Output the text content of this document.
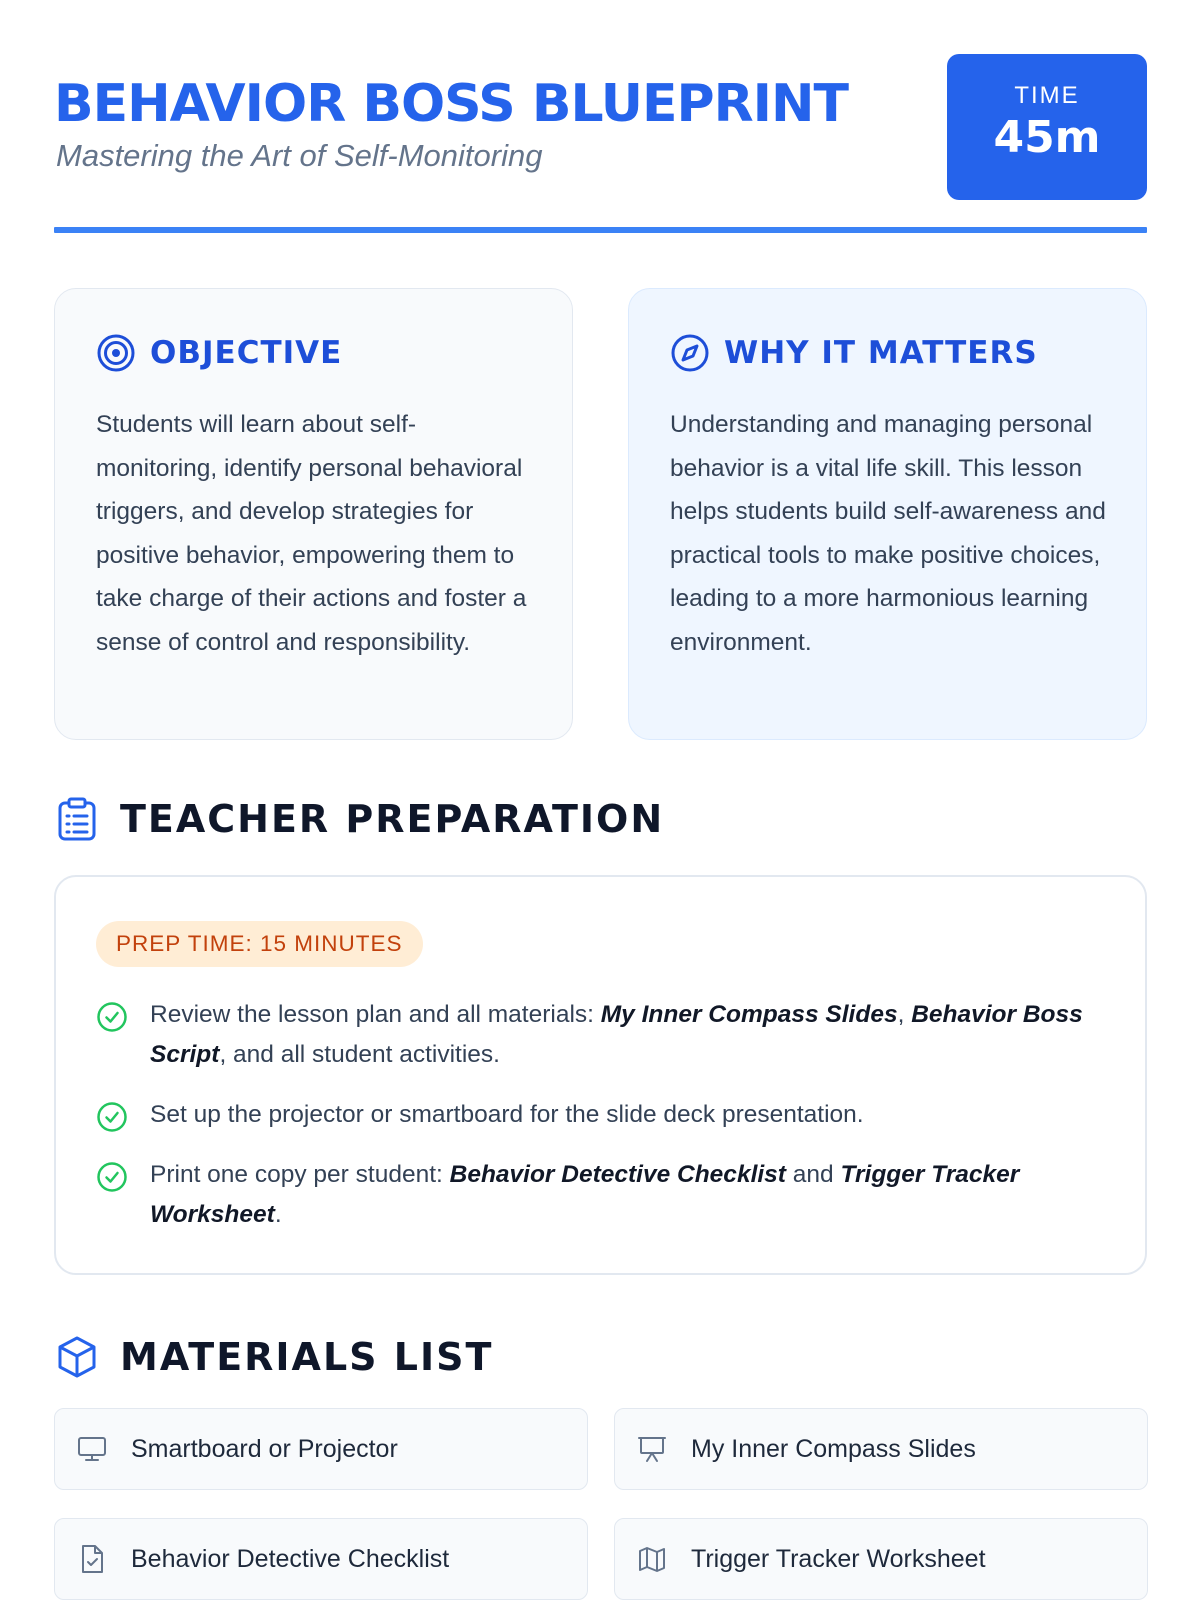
BEHAVIOR BOSS BLUEPRINT
Mastering the Art of Self-Monitoring
TIME
45m
OBJECTIVE

Students will learn about self-monitoring, identify personal behavioral triggers, and develop strategies for positive behavior, empowering them to take charge of their actions and foster a sense of control and responsibility.

WHY IT MATTERS

Understanding and managing personal behavior is a vital life skill. This lesson helps students build self-awareness and practical tools to make positive choices, leading to a more harmonious learning environment.

TEACHER PREPARATION
PREP TIME: 15 MINUTES
Review the lesson plan and all materials: My Inner Compass Slides, Behavior Boss Script, and all student activities.
Set up the projector or smartboard for the slide deck presentation.
Print one copy per student: Behavior Detective Checklist and Trigger Tracker Worksheet.
MATERIALS LIST
Smartboard or Projector	My Inner Compass Slides
Behavior Detective Checklist	Trigger Tracker Worksheet
